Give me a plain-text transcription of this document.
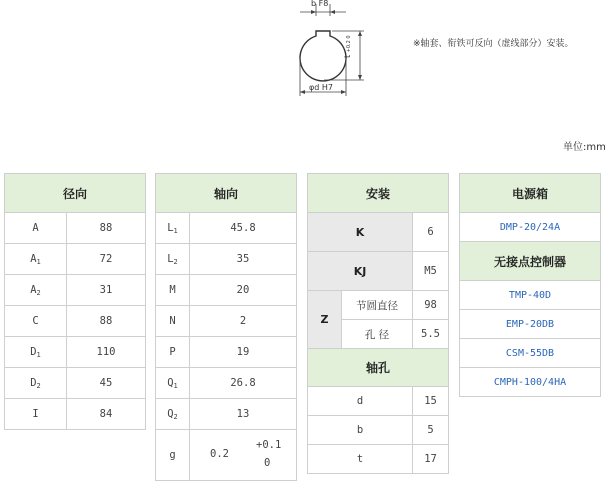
b F8
φd H7
t +0.2 0	※轴套、衔铁可反向（虚线部分）安装。
单位:mm
径向	
A	88
$A_1$	72
$A_2$	31
C	88
$D_1$	110
$D_2$	45
I	84
轴向	
$L_1$	45.8
$L_2$	35
M	20
N	2
P	19
$Q_1$	26.8
$Q_2$	13
g	0.2
+0.1
0
安装		
K		6
KJ		M5
Z	节圆直径	98
	孔 径	5.5
轴孔		
d		15
b		5
t		17
电源箱
DMP-20/24A
无接点控制器
TMP-40D
EMP-20DB
CSM-55DB
CMPH-100/4HA
